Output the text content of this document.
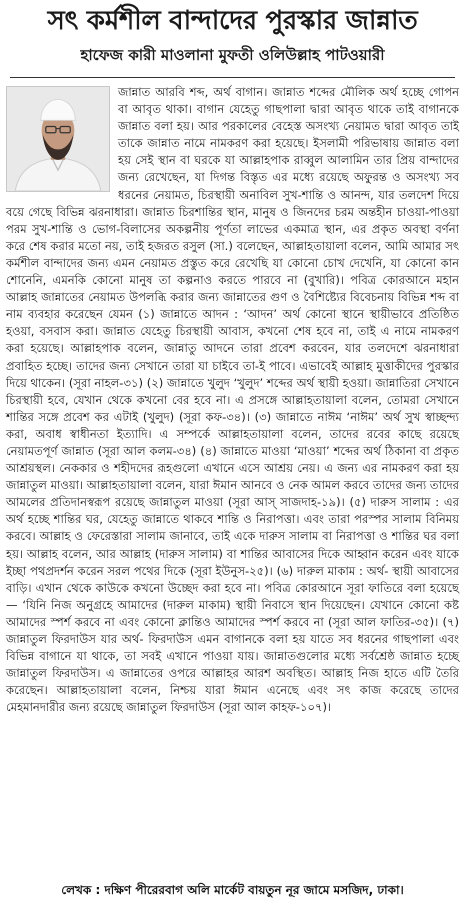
সৎ কর্মশীল বান্দাদের পুরস্কার জান্নাত
হাফেজ কারী মাওলানা মুফতী ওলিউল্লাহ পাটওয়ারী
জান্নাত আরবি শব্দ, অর্থ বাগান। জান্নাত শব্দের মৌলিক অর্থ হচ্ছে গোপন বা আবৃত থাকা। বাগান যেহেতু গাছপালা দ্বারা আবৃত থাকে তাই বাগানকে জান্নাত বলা হয়। আর পরকালের বেহেস্ত অসংখ্য নেয়ামত দ্বারা আবৃত তাই তাকে জান্নাত নামে নামকরণ করা হয়েছে। ইসলামী পরিভাষায় জান্নাত বলা হয় সেই স্থান বা ঘরকে যা আল্লাহপাক রাব্বুল আলামিন তার প্রিয় বান্দাদের জন্য রেখেছেন, যা দিগন্ত বিস্তৃত এর মধ্যে রয়েছে অফুরন্ত ও অসংখ্য সব ধরনের নেয়ামত, চিরস্থায়ী অনাবিল সুখ-শান্তি ও আনন্দ, যার তলদেশ দিয়ে বয়ে গেছে বিভিন্ন ঝরনাধারা। জান্নাত চিরশান্তির স্থান, মানুষ ও জিনদের চরম অন্তহীন চাওয়া-পাওয়া পরম সুখ-শান্তি ও ভোগ-বিলাসের অকল্পনীয় পূর্ণতা লাভের একমাত্র স্থান, এর প্রকৃত অবস্থা বর্ণনা করে শেষ করার মতো নয়, তাই হজরত রসুল (সা.) বলেছেন, আল্লাহতায়ালা বলেন, আমি আমার সৎ কর্মশীল বান্দাদের জন্য এমন নেয়ামত প্রস্তুত করে রেখেছি যা কোনো চোখ দেখেনি, যা কোনো কান শোনেনি, এমনকি কোনো মানুষ তা কল্পনাও করতে পারবে না (বুখারি)। পবিত্র কোরআনে মহান আল্লাহ জান্নাতের নেয়ামত উপলব্ধি করার জন্য জান্নাতের গুণ ও বৈশিষ্ট্যের বিবেচনায় বিভিন্ন শব্দ বা নাম ব্যবহার করেছেন যেমন (১) জান্নাতে আদন : ‘আদন’ অর্থ কোনো স্থানে স্থায়ীভাবে প্রতিষ্ঠিত হওয়া, বসবাস করা। জান্নাত যেহেতু চিরস্থায়ী আবাস, কখনো শেষ হবে না, তাই এ নামে নামকরণ করা হয়েছে। আল্লাহপাক বলেন, জান্নাতু আদনে তারা প্রবেশ করবেন, যার তলদেশে ঝরনাধারা প্রবাহিত হচ্ছে। তাদের জন্য সেখানে তারা যা চাইবে তা-ই পাবে। এভাবেই আল্লাহ মুত্তাকীদের পুরস্কার দিয়ে থাকেন। (সূরা নাহল-৩১) (২) জান্নাতে খুলুদ ‘খুলুদ’ শব্দের অর্থ স্থায়ী হওয়া। জান্নাতিরা সেখানে চিরস্থায়ী হবে, যেখান থেকে কখনো বের হবে না। এ প্রসঙ্গে আল্লাহতায়ালা বলেন, তোমরা সেখানে শান্তির সঙ্গে প্রবেশ কর এটাই (খুলুদ) (সূরা কফ-৩৪)। (৩) জান্নাতে নাঈম ‘নাঈম’ অর্থ সুখ স্বাচ্ছন্দ্য করা, অবাধ স্বাধীনতা ইত্যাদি। এ সম্পর্কে আল্লাহতায়ালা বলেন, তাদের রবের কাছে রয়েছে নেয়ামতপূর্ণ জান্নাত (সূরা আল কলম-৩৪) (৪) জান্নাতে মাওয়া ‘মাওয়া’ শব্দের অর্থ ঠিকানা বা প্রকৃত আশ্রয়স্থল। নেককার ও শহীদদের রূহগুলো এখানে এসে আশ্রয় নেয়। এ জন্য এর নামকরণ করা হয় জান্নাতুল মাওয়া। আল্লাহতায়ালা বলেন, যারা ঈমান আনবে ও নেক আমল করবে তাদের জন্য তাদের আমলের প্রতিদানস্বরূপ রয়েছে জান্নাতুল মাওয়া (সূরা আস্‌ সাজদাহ-১৯)। (৫) দারুস সালাম : এর অর্থ হচ্ছে শান্তির ঘর, যেহেতু জান্নাতে থাকবে শান্তি ও নিরাপত্তা। এবং তারা পরস্পর সালাম বিনিময় করবে। আল্লাহ ও ফেরেস্তারা সালাম জানাবে, তাই একে দারুস সালাম বা নিরাপত্তা ও শান্তির ঘর বলা হয়। আল্লাহ বলেন, আর আল্লাহ (দারুস সালাম) বা শান্তির আবাসের দিকে আহ্বান করেন এবং যাকে ইচ্ছা পথপ্রদর্শন করেন সরল পথের দিকে (সূরা ইউনুস-২৫)। (৬) দারুল মাকাম : অর্থ- স্থায়ী আবাসের বাড়ি। এখান থেকে কাউকে কখনো উচ্ছেদ করা হবে না। পবিত্র কোরআনে সূরা ফাতিরে বলা হয়েছে— ‘যিনি নিজ অনুগ্রহে আমাদের (দারুল মাকাম) স্থায়ী নিবাসে স্থান দিয়েছেন। যেখানে কোনো কষ্ট আমাদের স্পর্শ করবে না এবং কোনো ক্লান্তিও আমাদের স্পর্শ করবে না (সূরা আল ফাতির-৩৫)। (৭) জান্নাতুল ফিরদাউস যার অর্থ- ফিরদাউস এমন বাগানকে বলা হয় যাতে সব ধরনের গাছপালা এবং বিভিন্ন বাগানে যা থাকে, তা সবই এখানে পাওয়া যায়। জান্নাতগুলোর মধ্যে সর্বশ্রেষ্ঠ জান্নাত হচ্ছে জান্নাতুল ফিরদাউস। এ জান্নাতের ওপরে আল্লাহর আরশ অবস্থিত। আল্লাহ নিজ হাতে এটি তৈরি করেছেন। আল্লাহতায়ালা বলেন, নিশ্চয় যারা ঈমান এনেছে এবং সৎ কাজ করেছে তাদের মেহমানদারীর জন্য রয়েছে জান্নাতুল ফিরদাউস (সূরা আল কাহফ-১০৭)।
লেখক : দক্ষিণ পীরেরবাগ অলি মার্কেট বায়তুন নূর জামে মসজিদ, ঢাকা।
